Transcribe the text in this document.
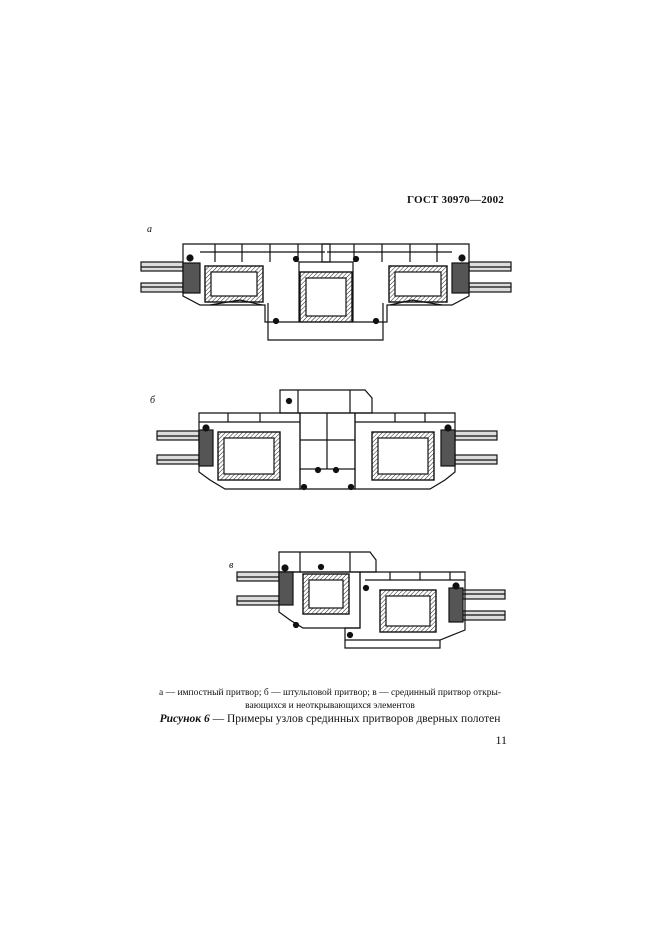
ГОСТ 30970—2002
а
б
в
а — импостный притвор; б — штульповой притвор; в — срединный притвор откры-
вающихся и неоткрывающихся элементов
Рисунок 6 — Примеры узлов срединных притворов дверных полотен
11
